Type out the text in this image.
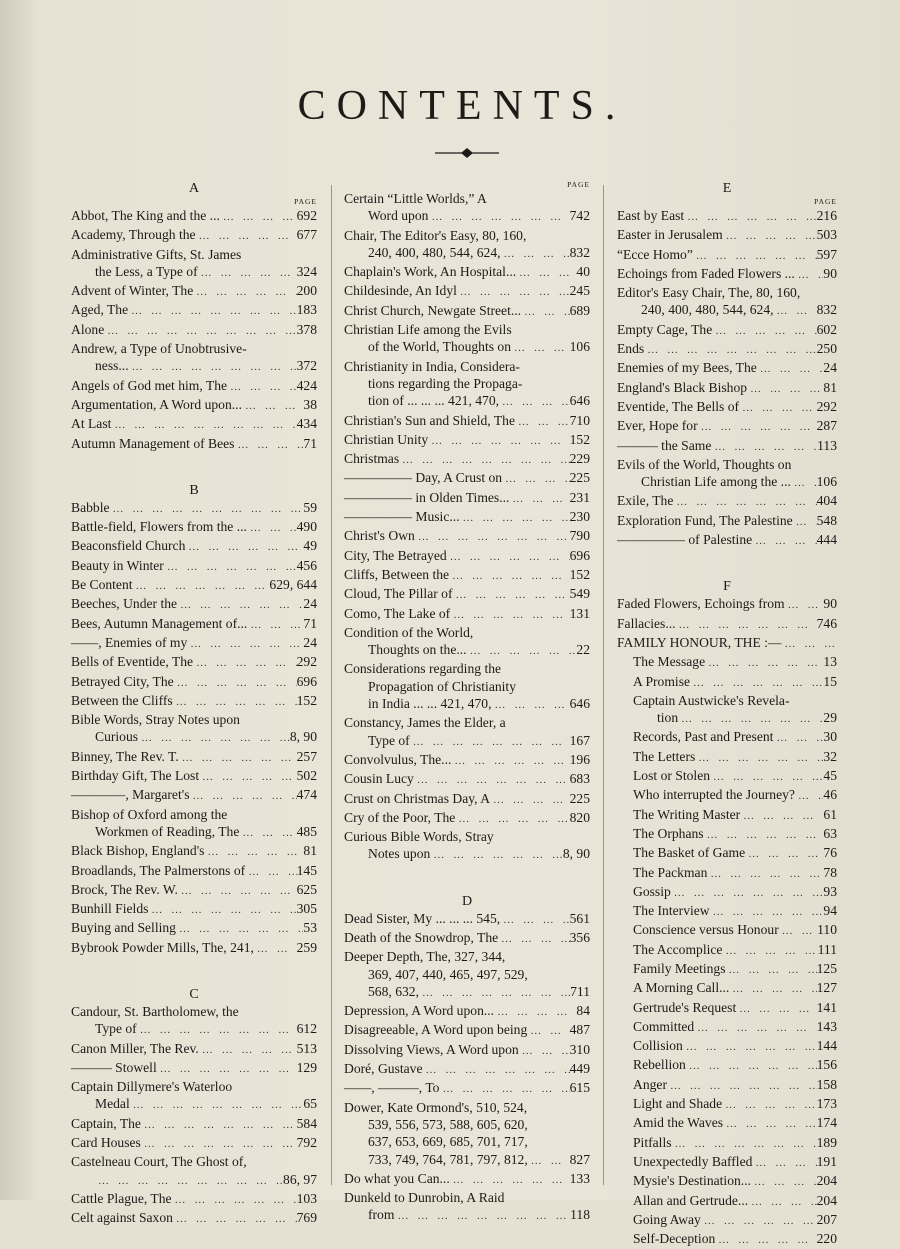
CONTENTS.
A
PAGE
Abbot, The King and the ... … … … … … … … … … … … … … … … … … … …	692
Academy, Through the … … … … … … … … … … … … … … … … … … …	677
Administrative Gifts, St. James
the Less, a Type of … … … … … … … … … … … … … … … … … … …	324
Advent of Winter, The … … … … … … … … … … … … … … … … … … …	200
Aged, The … … … … … … … … … … … … … … … … … … …	183
Alone … … … … … … … … … … … … … … … … … … …	378
Andrew, a Type of Unobtrusive-
ness... … … … … … … … … … … … … … … … … … … …	372
Angels of God met him, The … … … … … … … … … … … … … … … … … … …	424
Argumentation, A Word upon... … … … … … … … … … … … … … … … … … … …	38
At Last … … … … … … … … … … … … … … … … … … …	434
Autumn Management of Bees … … … … … … … … … … … … … … … … … … …	71
B
Babble … … … … … … … … … … … … … … … … … … …	59
Battle-field, Flowers from the ... … … … … … … … … … … … … … … … … … … …	490
Beaconsfield Church … … … … … … … … … … … … … … … … … … …	49
Beauty in Winter … … … … … … … … … … … … … … … … … … …	456
Be Content … … … … … … … … … … … … … … … … … … …	629, 644
Beeches, Under the … … … … … … … … … … … … … … … … … … …	24
Bees, Autumn Management of... … … … … … … … … … … … … … … … … … … …	71
——, Enemies of my … … … … … … … … … … … … … … … … … … …	24
Bells of Eventide, The … … … … … … … … … … … … … … … … … … …	292
Betrayed City, The … … … … … … … … … … … … … … … … … … …	696
Between the Cliffs … … … … … … … … … … … … … … … … … … …	152
Bible Words, Stray Notes upon
Curious … … … … … … … … … … … … … … … … … … …	8, 90
Binney, The Rev. T. … … … … … … … … … … … … … … … … … … …	257
Birthday Gift, The Lost … … … … … … … … … … … … … … … … … … …	502
————, Margaret's … … … … … … … … … … … … … … … … … … …	474
Bishop of Oxford among the
Workmen of Reading, The … … … … … … … … … … … … … … … … … … …	485
Black Bishop, England's … … … … … … … … … … … … … … … … … … …	81
Broadlands, The Palmerstons of … … … … … … … … … … … … … … … … … … …	145
Brock, The Rev. W. … … … … … … … … … … … … … … … … … … …	625
Bunhill Fields … … … … … … … … … … … … … … … … … … …	305
Buying and Selling … … … … … … … … … … … … … … … … … … …	53
Bybrook Powder Mills, The, 241, … … … … … … … … … … … … … … … … … … …	259
C
Candour, St. Bartholomew, the
Type of … … … … … … … … … … … … … … … … … … …	612
Canon Miller, The Rev. … … … … … … … … … … … … … … … … … … …	513
——— Stowell … … … … … … … … … … … … … … … … … … …	129
Captain Dillymere's Waterloo
Medal … … … … … … … … … … … … … … … … … … …	65
Captain, The … … … … … … … … … … … … … … … … … … …	584
Card Houses … … … … … … … … … … … … … … … … … … …	792
Castelneau Court, The Ghost of,
… … … … … … … … … … … … … … … … … … …
86, 97
Cattle Plague, The … … … … … … … … … … … … … … … … … … …	103
Celt against Saxon … … … … … … … … … … … … … … … … … … …	769
PAGE
Certain “Little Worlds,” A
Word upon … … … … … … … … … … … … … … … … … … …	742
Chair, The Editor's Easy, 80, 160,
240, 400, 480, 544, 624, … … … … … … … … … … … … … … … … … … …	832
Chaplain's Work, An Hospital... … … … … … … … … … … … … … … … … … … …	40
Childesinde, An Idyl … … … … … … … … … … … … … … … … … … …	245
Christ Church, Newgate Street... … … … … … … … … … … … … … … … … … … …	689
Christian Life among the Evils
of the World, Thoughts on … … … … … … … … … … … … … … … … … … …	106
Christianity in India, Considera-
tions regarding the Propaga-
tion of ... ... ... 421, 470, … … … … … … … … … … … … … … … … … … …	646
Christian's Sun and Shield, The … … … … … … … … … … … … … … … … … … …	710
Christian Unity … … … … … … … … … … … … … … … … … … …	152
Christmas … … … … … … … … … … … … … … … … … … …	229
————— Day, A Crust on … … … … … … … … … … … … … … … … … … …	225
————— in Olden Times... … … … … … … … … … … … … … … … … … … …	231
————— Music... … … … … … … … … … … … … … … … … … … …	230
Christ's Own … … … … … … … … … … … … … … … … … … …	790
City, The Betrayed … … … … … … … … … … … … … … … … … … …	696
Cliffs, Between the … … … … … … … … … … … … … … … … … … …	152
Cloud, The Pillar of … … … … … … … … … … … … … … … … … … …	549
Como, The Lake of … … … … … … … … … … … … … … … … … … …	131
Condition of the World,
Thoughts on the... … … … … … … … … … … … … … … … … … … …	22
Considerations regarding the
Propagation of Christianity
in India ... ... 421, 470, … … … … … … … … … … … … … … … … … … …	646
Constancy, James the Elder, a
Type of … … … … … … … … … … … … … … … … … … …	167
Convolvulus, The... … … … … … … … … … … … … … … … … … … …	196
Cousin Lucy … … … … … … … … … … … … … … … … … … …	683
Crust on Christmas Day, A … … … … … … … … … … … … … … … … … … …	225
Cry of the Poor, The … … … … … … … … … … … … … … … … … … …	820
Curious Bible Words, Stray
Notes upon … … … … … … … … … … … … … … … … … … …	8, 90
D
Dead Sister, My ... ... ... 545, … … … … … … … … … … … … … … … … … … …	561
Death of the Snowdrop, The … … … … … … … … … … … … … … … … … … …	356
Deeper Depth, The, 327, 344,
369, 407, 440, 465, 497, 529,
568, 632, … … … … … … … … … … … … … … … … … … …	711
Depression, A Word upon... … … … … … … … … … … … … … … … … … … …	84
Disagreeable, A Word upon being … … … … … … … … … … … … … … … … … … …	487
Dissolving Views, A Word upon … … … … … … … … … … … … … … … … … … …	310
Doré, Gustave … … … … … … … … … … … … … … … … … … …	449
——, ———, To … … … … … … … … … … … … … … … … … … …	615
Dower, Kate Ormond's, 510, 524,
539, 556, 573, 588, 605, 620,
637, 653, 669, 685, 701, 717,
733, 749, 764, 781, 797, 812, … … … … … … … … … … … … … … … … … … …	827
Do what you Can... … … … … … … … … … … … … … … … … … … …	133
Dunkeld to Dunrobin, A Raid
from … … … … … … … … … … … … … … … … … … …	118
E
PAGE
East by East … … … … … … … … … … … … … … … … … … …	216
Easter in Jerusalem … … … … … … … … … … … … … … … … … … …	503
“Ecce Homo” … … … … … … … … … … … … … … … … … … …	597
Echoings from Faded Flowers ... … … … … … … … … … … … … … … … … … … … 90
Editor's Easy Chair, The, 80, 160,
240, 400, 480, 544, 624, … … … … … … … … … … … … … … … … … … …	832
Empty Cage, The … … … … … … … … … … … … … … … … … … …	602
Ends … … … … … … … … … … … … … … … … … … …	250
Enemies of my Bees, The … … … … … … … … … … … … … … … … … … …	24
England's Black Bishop … … … … … … … … … … … … … … … … … … …	81
Eventide, The Bells of … … … … … … … … … … … … … … … … … … …	292
Ever, Hope for … … … … … … … … … … … … … … … … … … …	287
——— the Same … … … … … … … … … … … … … … … … … … …	113
Evils of the World, Thoughts on
Christian Life among the ... … … … … … … … … … … … … … … … … … … … 106
Exile, The … … … … … … … … … … … … … … … … … … …	404
Exploration Fund, The Palestine … … … … … … … … … … … … … … … … … … … 548
————— of Palestine … … … … … … … … … … … … … … … … … … …	444
F
Faded Flowers, Echoings from … … … … … … … … … … … … … … … … … … …	90
Fallacies... … … … … … … … … … … … … … … … … … … …	746
FAMILY HONOUR, THE :—
… … … … … … … … … … … … … … … … … … …
The Message … … … … … … … … … … … … … … … … … … …	13
A Promise … … … … … … … … … … … … … … … … … … …	15
Captain Austwicke's Revela-
tion … … … … … … … … … … … … … … … … … … …	29
Records, Past and Present … … … … … … … … … … … … … … … … … … …	30
The Letters … … … … … … … … … … … … … … … … … … …	32
Lost or Stolen … … … … … … … … … … … … … … … … … … …	45
Who interrupted the Journey? … … … … … … … … … … … … … … … … … … … 46
The Writing Master … … … … … … … … … … … … … … … … … … …	61
The Orphans … … … … … … … … … … … … … … … … … … …	63
The Basket of Game … … … … … … … … … … … … … … … … … … …	76
The Packman … … … … … … … … … … … … … … … … … … …	78
Gossip … … … … … … … … … … … … … … … … … … …	93
The Interview … … … … … … … … … … … … … … … … … … …	94
Conscience versus Honour … … … … … … … … … … … … … … … … … … …	110
The Accomplice … … … … … … … … … … … … … … … … … … …	111
Family Meetings … … … … … … … … … … … … … … … … … … …	125
A Morning Call... … … … … … … … … … … … … … … … … … … …	127
Gertrude's Request … … … … … … … … … … … … … … … … … … …	141
Committed … … … … … … … … … … … … … … … … … … …	143
Collision … … … … … … … … … … … … … … … … … … …	144
Rebellion … … … … … … … … … … … … … … … … … … …	156
Anger … … … … … … … … … … … … … … … … … … …	158
Light and Shade … … … … … … … … … … … … … … … … … … …	173
Amid the Waves … … … … … … … … … … … … … … … … … … …	174
Pitfalls … … … … … … … … … … … … … … … … … … …	189
Unexpectedly Baffled … … … … … … … … … … … … … … … … … … …	191
Mysie's Destination... … … … … … … … … … … … … … … … … … … …	204
Allan and Gertrude... … … … … … … … … … … … … … … … … … … …	204
Going Away … … … … … … … … … … … … … … … … … … …	207
Self-Deception … … … … … … … … … … … … … … … … … … …	220
